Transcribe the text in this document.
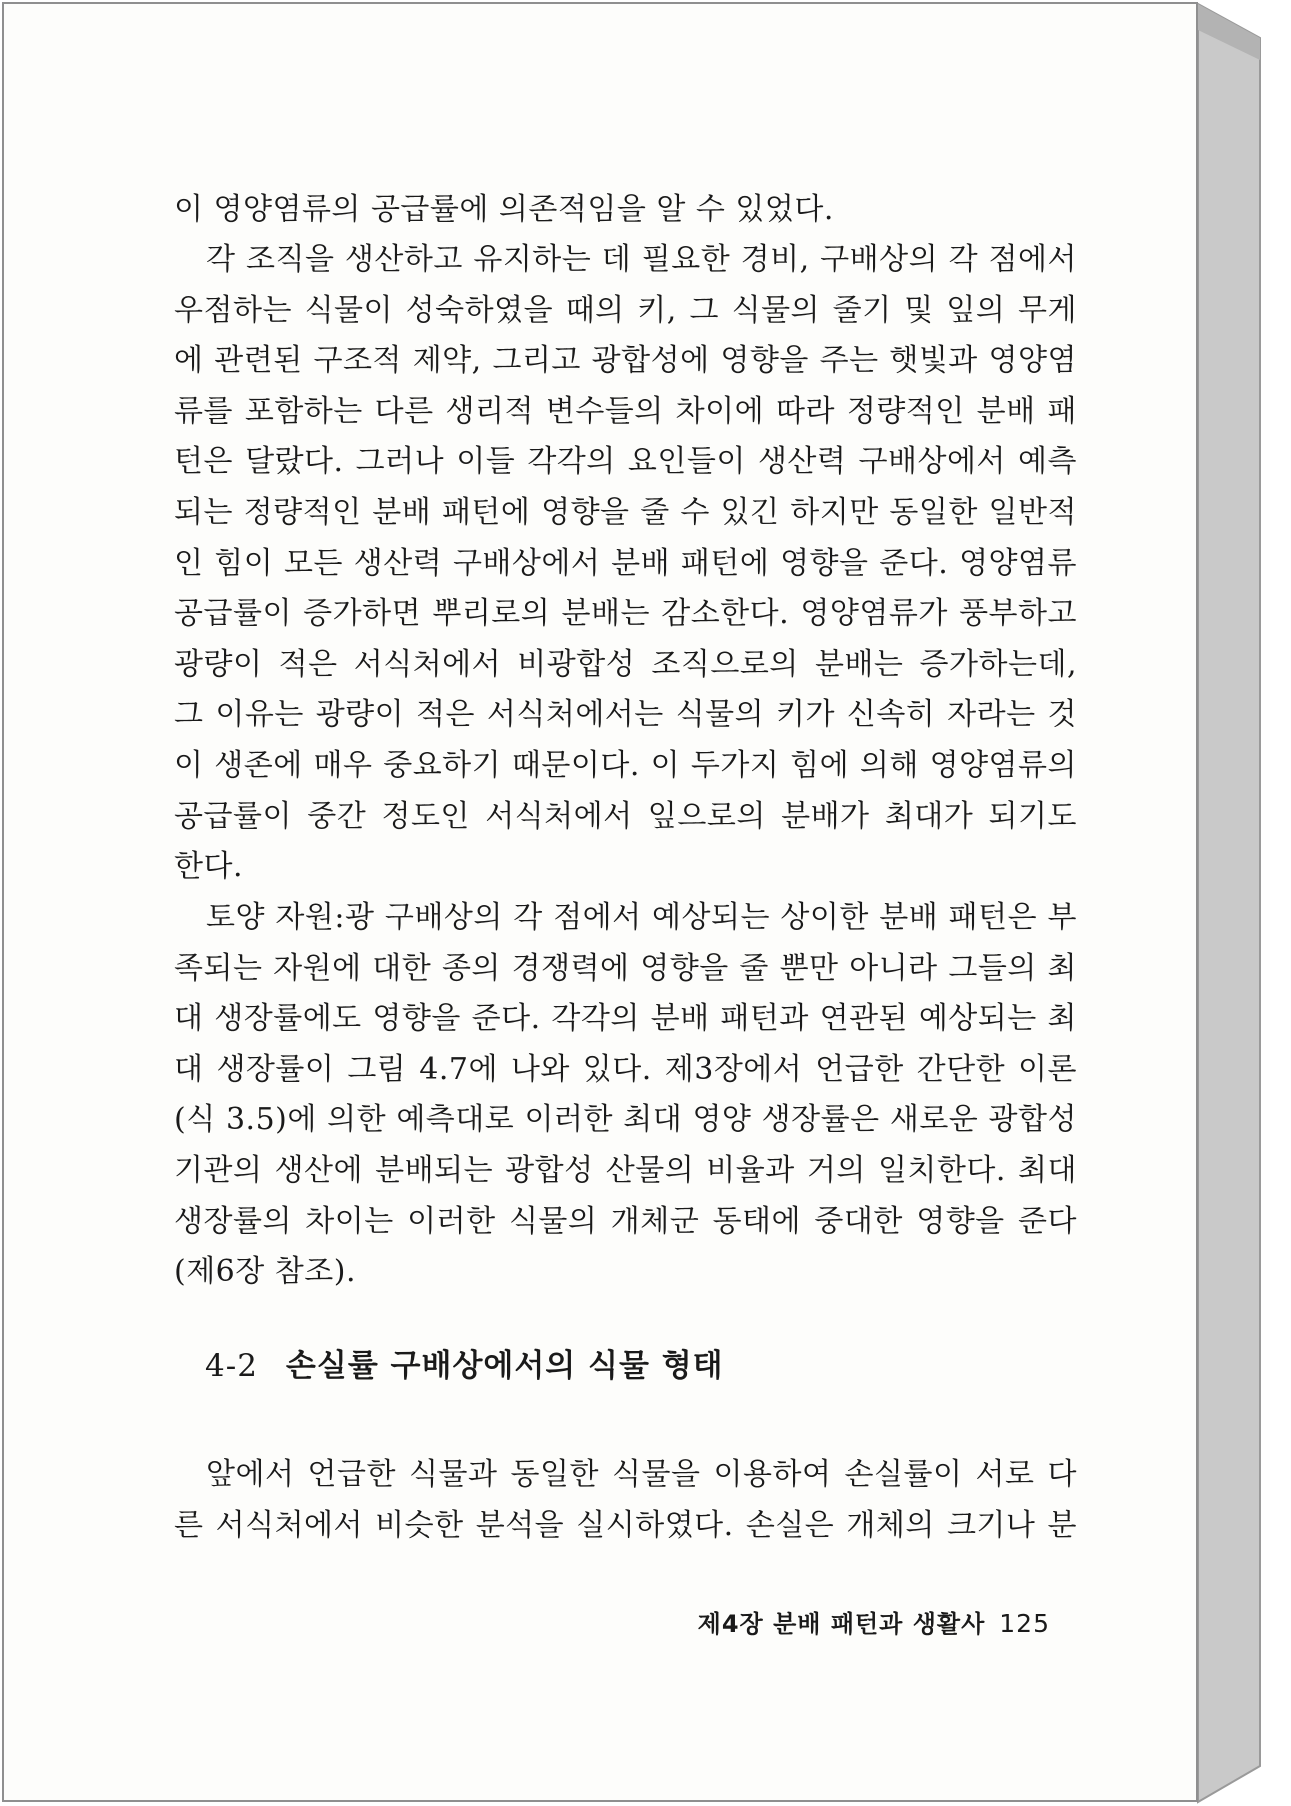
이 영양염류의 공급률에 의존적임을 알 수 있었다.

각 조직을 생산하고 유지하는 데 필요한 경비, 구배상의 각 점에서 우점하는 식물이 성숙하였을 때의 키, 그 식물의 줄기 및 잎의 무게에 관련된 구조적 제약, 그리고 광합성에 영향을 주는 햇빛과 영양염류를 포함하는 다른 생리적 변수들의 차이에 따라 정량적인 분배 패턴은 달랐다. 그러나 이들 각각의 요인들이 생산력 구배상에서 예측되는 정량적인 분배 패턴에 영향을 줄 수 있긴 하지만 동일한 일반적인 힘이 모든 생산력 구배상에서 분배 패턴에 영향을 준다. 영양염류 공급률이 증가하면 뿌리로의 분배는 감소한다. 영양염류가 풍부하고 광량이 적은 서식처에서 비광합성 조직으로의 분배는 증가하는데, 그 이유는 광량이 적은 서식처에서는 식물의 키가 신속히 자라는 것이 생존에 매우 중요하기 때문이다. 이 두가지 힘에 의해 영양염류의 공급률이 중간 정도인 서식처에서 잎으로의 분배가 최대가 되기도 한다.

토양 자원:광 구배상의 각 점에서 예상되는 상이한 분배 패턴은 부족되는 자원에 대한 종의 경쟁력에 영향을 줄 뿐만 아니라 그들의 최대 생장률에도 영향을 준다. 각각의 분배 패턴과 연관된 예상되는 최대 생장률이 그림 4.7에 나와 있다. 제3장에서 언급한 간단한 이론(식 3.5)에 의한 예측대로 이러한 최대 영양 생장률은 새로운 광합성 기관의 생산에 분배되는 광합성 산물의 비율과 거의 일치한다. 최대 생장률의 차이는 이러한 식물의 개체군 동태에 중대한 영향을 준다(제6장 참조).

4-2 손실률 구배상에서의 식물 형태

앞에서 언급한 식물과 동일한 식물을 이용하여 손실률이 서로 다른 서식처에서 비슷한 분석을 실시하였다. 손실은 개체의 크기나 분

제4장 분배 패턴과 생활사 125
